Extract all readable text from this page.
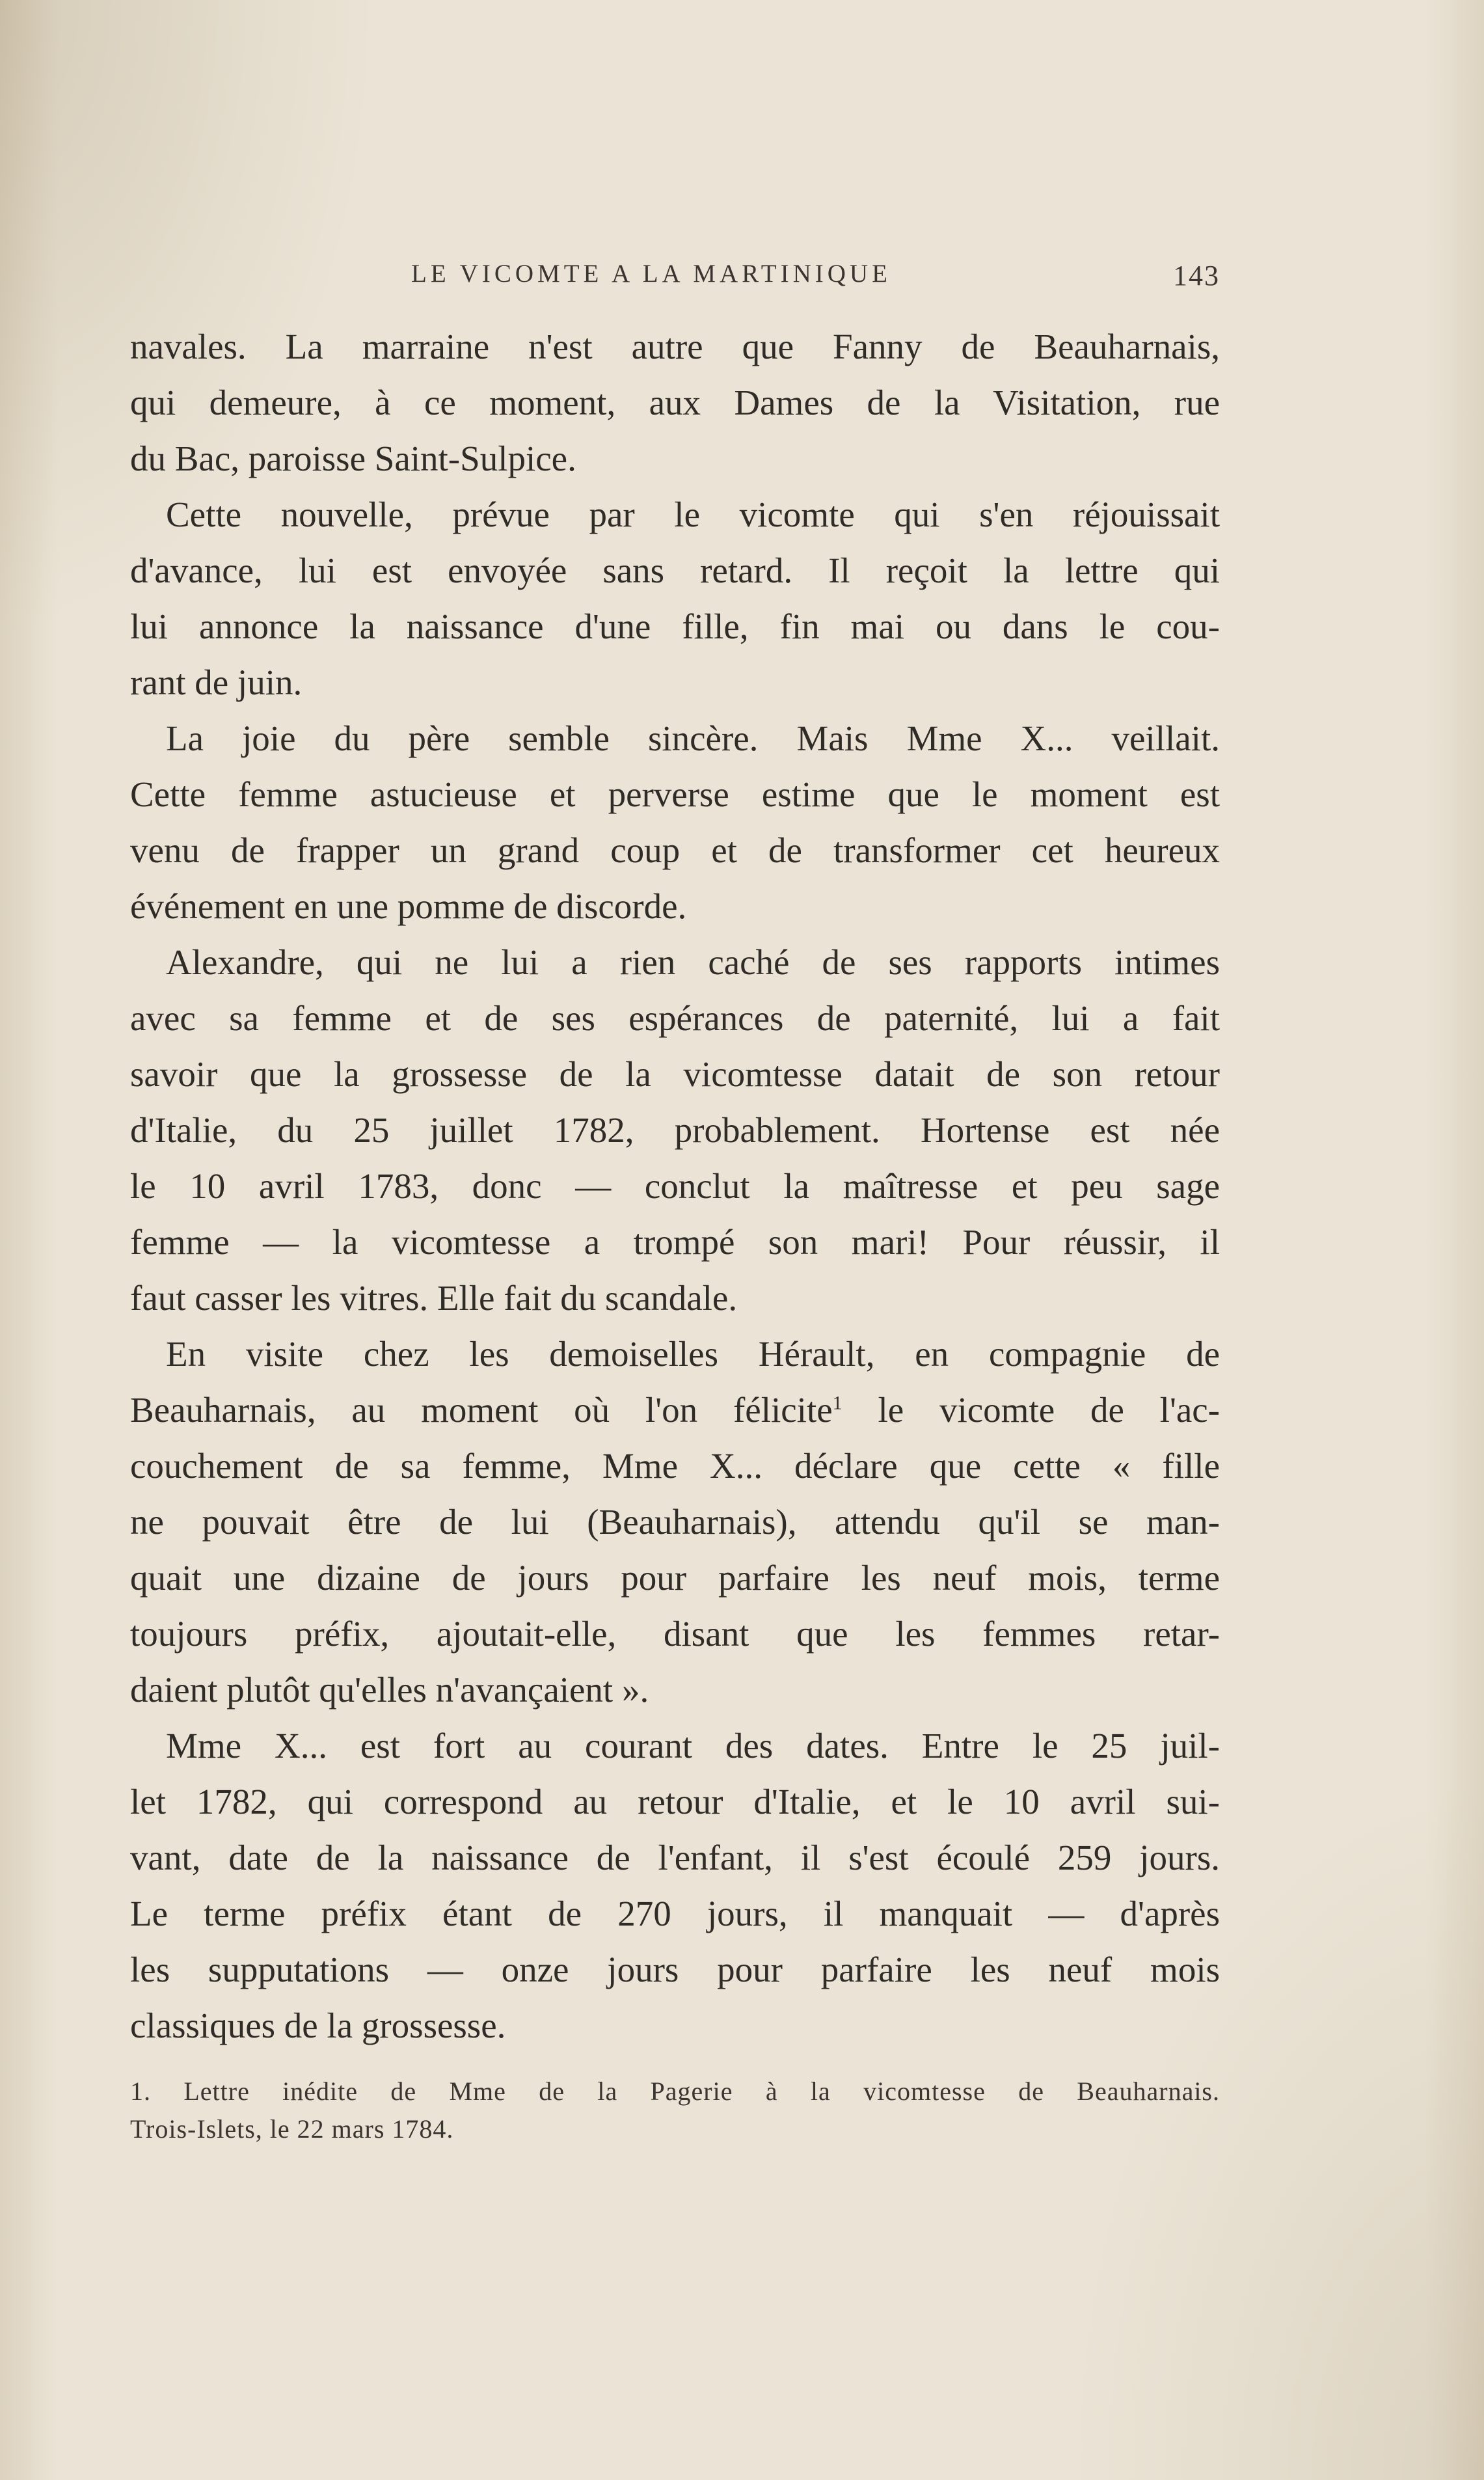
LE VICOMTE A LA MARTINIQUE	143
navales. La marraine n'est autre que Fanny de Beauharnais,
qui demeure, à ce moment, aux Dames de la Visitation, rue
du Bac, paroisse Saint-Sulpice.
Cette nouvelle, prévue par le vicomte qui s'en réjouissait
d'avance, lui est envoyée sans retard. Il reçoit la lettre qui
lui annonce la naissance d'une fille, fin mai ou dans le cou-
rant de juin.
La joie du père semble sincère. Mais Mme X... veillait.
Cette femme astucieuse et perverse estime que le moment est
venu de frapper un grand coup et de transformer cet heureux
événement en une pomme de discorde.
Alexandre, qui ne lui a rien caché de ses rapports intimes
avec sa femme et de ses espérances de paternité, lui a fait
savoir que la grossesse de la vicomtesse datait de son retour
d'Italie, du 25 juillet 1782, probablement. Hortense est née
le 10 avril 1783, donc — conclut la maîtresse et peu sage
femme — la vicomtesse a trompé son mari! Pour réussir, il
faut casser les vitres. Elle fait du scandale.
En visite chez les demoiselles Hérault, en compagnie de
Beauharnais, au moment où l'on félicite$^1$ le vicomte de l'ac-
couchement de sa femme, Mme X... déclare que cette « fille
ne pouvait être de lui (Beauharnais), attendu qu'il se man-
quait une dizaine de jours pour parfaire les neuf mois, terme
toujours préfix, ajoutait-elle, disant que les femmes retar-
daient plutôt qu'elles n'avançaient ».
Mme X... est fort au courant des dates. Entre le 25 juil-
let 1782, qui correspond au retour d'Italie, et le 10 avril sui-
vant, date de la naissance de l'enfant, il s'est écoulé 259 jours.
Le terme préfix étant de 270 jours, il manquait — d'après
les supputations — onze jours pour parfaire les neuf mois
classiques de la grossesse.
1. Lettre inédite de Mme de la Pagerie à la vicomtesse de Beauharnais.
Trois-Islets, le 22 mars 1784.
